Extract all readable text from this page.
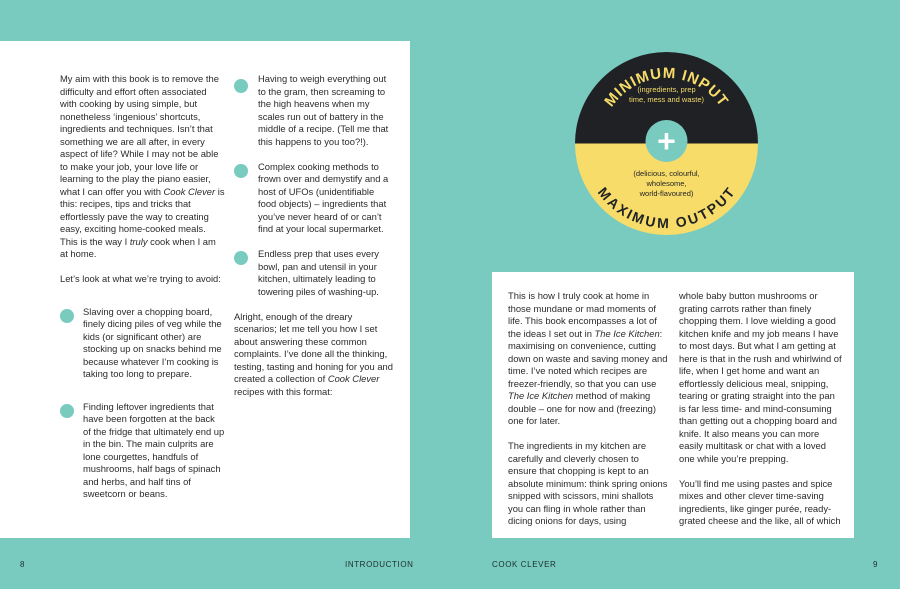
My aim with this book is to remove the difficulty and effort often associated with cooking by using simple, but nonetheless ‘ingenious’ shortcuts, ingredients and techniques. Isn’t that something we are all after, in every aspect of life? While I may not be able to make your job, your love life or learning to the play the piano easier, what I can offer you with Cook Clever is this: recipes, tips and tricks that effortlessly pave the way to creating easy, exciting home-cooked meals. This is the way I truly cook when I am at home.

Let’s look at what we’re trying to avoid:

Slaving over a chopping board, finely dicing piles of veg while the kids (or significant other) are stocking up on snacks behind me because whatever I’m cooking is taking too long to prepare.
Finding leftover ingredients that have been forgotten at the back of the fridge that ultimately end up in the bin. The main culprits are lone courgettes, handfuls of mushrooms, half bags of spinach and herbs, and half tins of sweetcorn or beans.
Having to weigh everything out to the gram, then screaming to the high heavens when my scales run out of battery in the middle of a recipe. (Tell me that this happens to you too?!).
Complex cooking methods to frown over and demystify and a host of UFOs (unidentifiable food objects) – ingredients that you’ve never heard of or can’t find at your local supermarket.
Endless prep that uses every bowl, pan and utensil in your kitchen, ultimately leading to towering piles of washing-up.

Alright, enough of the dreary scenarios; let me tell you how I set about answering these common complaints. I’ve done all the thinking, testing, tasting and honing for you and created a collection of Cook Clever recipes with this format:

MINIMUM INPUT
(ingredients, prep
time, mess and waste)
+
(delicious, colourful,
wholesome,
world-flavoured)
MAXIMUM OUTPUT

This is how I truly cook at home in those mundane or mad moments of life. This book encompasses a lot of the ideas I set out in The Ice Kitchen: maximising on convenience, cutting down on waste and saving money and time. I’ve noted which recipes are freezer-friendly, so that you can use The Ice Kitchen method of making double – one for now and (freezing) one for later.

The ingredients in my kitchen are carefully and cleverly chosen to ensure that chopping is kept to an absolute minimum: think spring onions snipped with scissors, mini shallots you can fling in whole rather than dicing onions for days, using

whole baby button mushrooms or grating carrots rather than finely chopping them. I love wielding a good kitchen knife and my job means I have to most days. But what I am getting at here is that in the rush and whirlwind of life, when I get home and want an effortlessly delicious meal, snipping, tearing or grating straight into the pan is far less time- and mind-consuming than getting out a chopping board and knife. It also means you can more easily multitask or chat with a loved one while you’re prepping.

You’ll find me using pastes and spice mixes and other clever time-saving ingredients, like ginger purée, ready-grated cheese and the like, all of which

8	INTRODUCTION	COOK CLEVER	9
